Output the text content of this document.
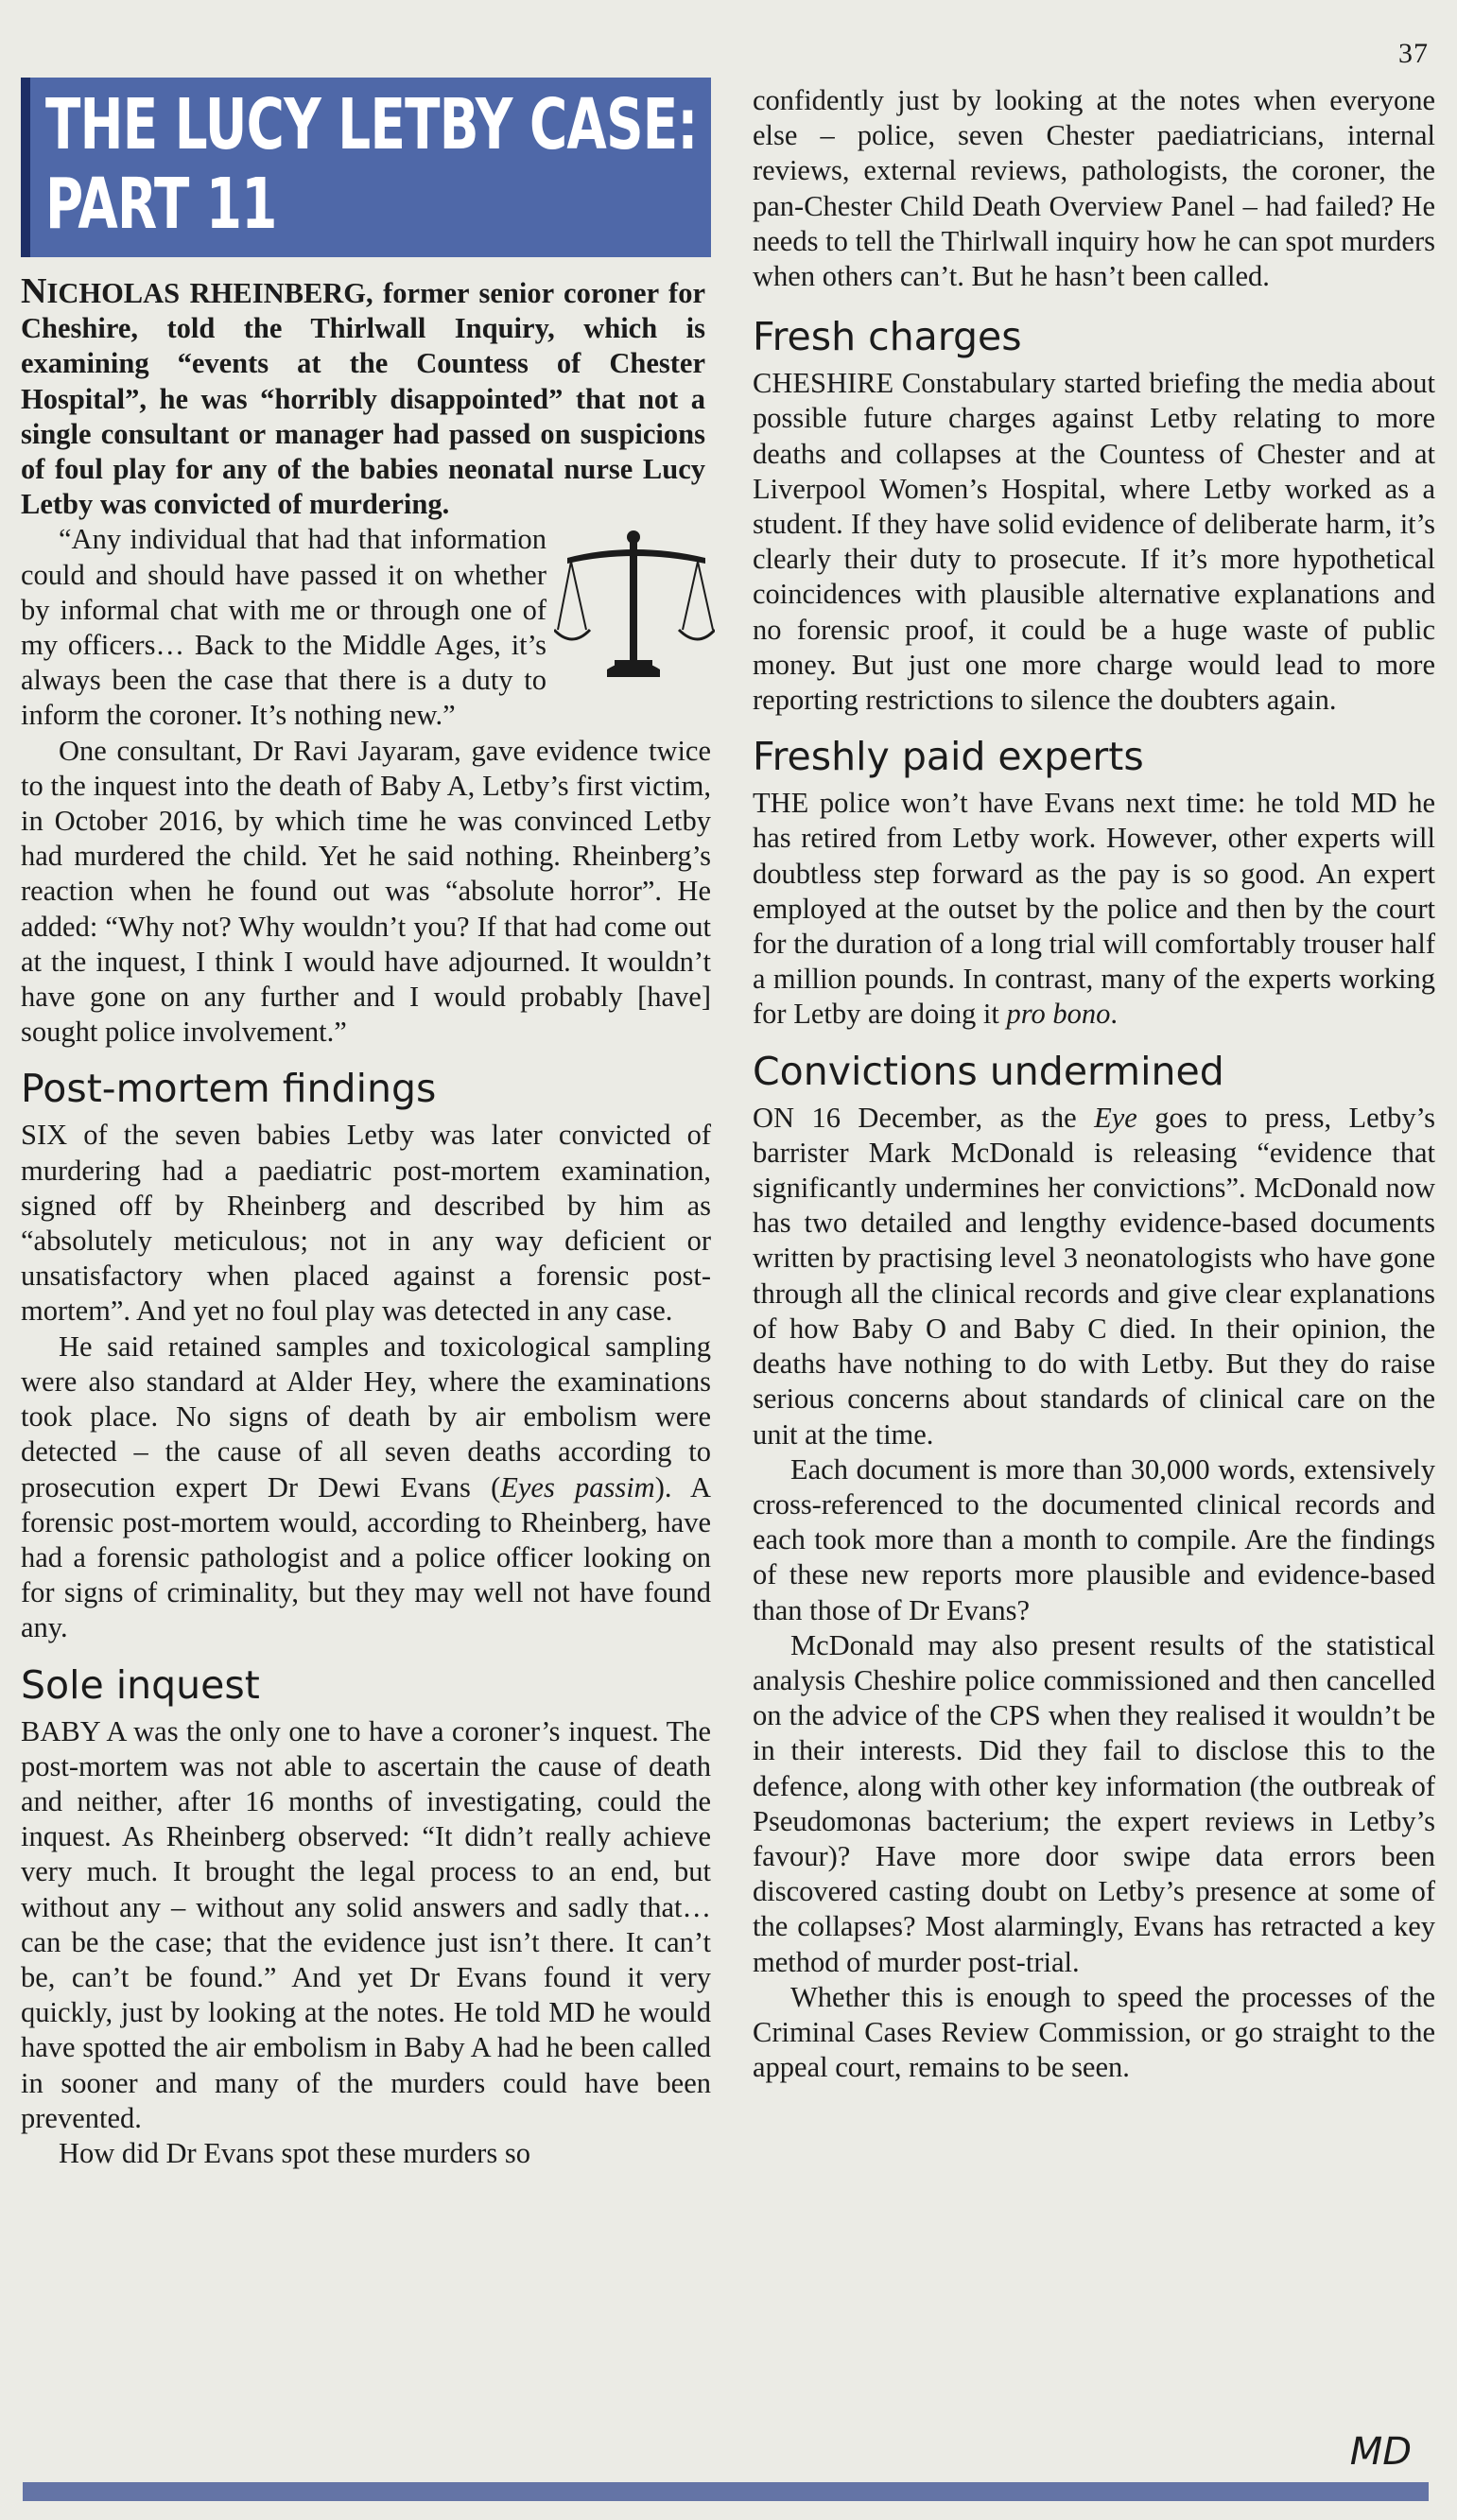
37
THE LUCY LETBY CASE:
PART 11
NICHOLAS RHEINBERG, former senior coroner for Cheshire, told the Thirlwall Inquiry, which is examining “events at the Countess of Chester Hospital”, he was “horribly disappointed” that not a single consultant or manager had passed on suspicions of foul play for any of the babies neonatal nurse Lucy Letby was convicted of murdering.

“Any individual that had that information could and should have passed it on whether by informal chat with me or through one of my officers… Back to the Middle Ages, it’s always been the case that there is a duty to inform the coroner. It’s nothing new.”

One consultant, Dr Ravi Jayaram, gave evidence twice to the inquest into the death of Baby A, Letby’s first victim, in October 2016, by which time he was convinced Letby had murdered the child. Yet he said nothing. Rheinberg’s reaction when he found out was “absolute horror”. He added: “Why not? Why wouldn’t you? If that had come out at the inquest, I think I would have adjourned. It wouldn’t have gone on any further and I would probably [have] sought police involvement.”

Post-mortem findings

SIX of the seven babies Letby was later convicted of murdering had a paediatric post-mortem examination, signed off by Rheinberg and described by him as “absolutely meticulous; not in any way deficient or unsatisfactory when placed against a forensic post-mortem”. And yet no foul play was detected in any case.

He said retained samples and toxicological sampling were also standard at Alder Hey, where the examinations took place. No signs of death by air embolism were detected – the cause of all seven deaths according to prosecution expert Dr Dewi Evans (Eyes passim). A forensic post-mortem would, according to Rheinberg, have had a forensic pathologist and a police officer looking on for signs of criminality, but they may well not have found any.

Sole inquest

BABY A was the only one to have a coroner’s inquest. The post-mortem was not able to ascertain the cause of death and neither, after 16 months of investigating, could the inquest. As Rheinberg observed: “It didn’t really achieve very much. It brought the legal process to an end, but without any – without any solid answers and sadly that… can be the case; that the evidence just isn’t there. It can’t be, can’t be found.” And yet Dr Evans found it very quickly, just by looking at the notes. He told MD he would have spotted the air embolism in Baby A had he been called in sooner and many of the murders could have been prevented.

How did Dr Evans spot these murders so

confidently just by looking at the notes when everyone else – police, seven Chester paediatricians, internal reviews, external reviews, pathologists, the coroner, the pan-Chester Child Death Overview Panel – had failed? He needs to tell the Thirlwall inquiry how he can spot murders when others can’t. But he hasn’t been called.

Fresh charges

CHESHIRE Constabulary started briefing the media about possible future charges against Letby relating to more deaths and collapses at the Countess of Chester and at Liverpool Women’s Hospital, where Letby worked as a student. If they have solid evidence of deliberate harm, it’s clearly their duty to prosecute. If it’s more hypothetical coincidences with plausible alternative explanations and no forensic proof, it could be a huge waste of public money. But just one more charge would lead to more reporting restrictions to silence the doubters again.

Freshly paid experts

THE police won’t have Evans next time: he told MD he has retired from Letby work. However, other experts will doubtless step forward as the pay is so good. An expert employed at the outset by the police and then by the court for the duration of a long trial will comfortably trouser half a million pounds. In contrast, many of the experts working for Letby are doing it pro bono.

Convictions undermined

ON 16 December, as the Eye goes to press, Letby’s barrister Mark McDonald is releasing “evidence that significantly undermines her convictions”. McDonald now has two detailed and lengthy evidence-based documents written by practising level 3 neonatologists who have gone through all the clinical records and give clear explanations of how Baby O and Baby C died. In their opinion, the deaths have nothing to do with Letby. But they do raise serious concerns about standards of clinical care on the unit at the time.

Each document is more than 30,000 words, extensively cross-referenced to the documented clinical records and each took more than a month to compile. Are the findings of these new reports more plausible and evidence-based than those of Dr Evans?

McDonald may also present results of the statistical analysis Cheshire police commissioned and then cancelled on the advice of the CPS when they realised it wouldn’t be in their interests. Did they fail to disclose this to the defence, along with other key information (the outbreak of Pseudomonas bacterium; the expert reviews in Letby’s favour)? Have more door swipe data errors been discovered casting doubt on Letby’s presence at some of the collapses? Most alarmingly, Evans has retracted a key method of murder post-trial.

Whether this is enough to speed the processes of the Criminal Cases Review Commission, or go straight to the appeal court, remains to be seen.

MD
